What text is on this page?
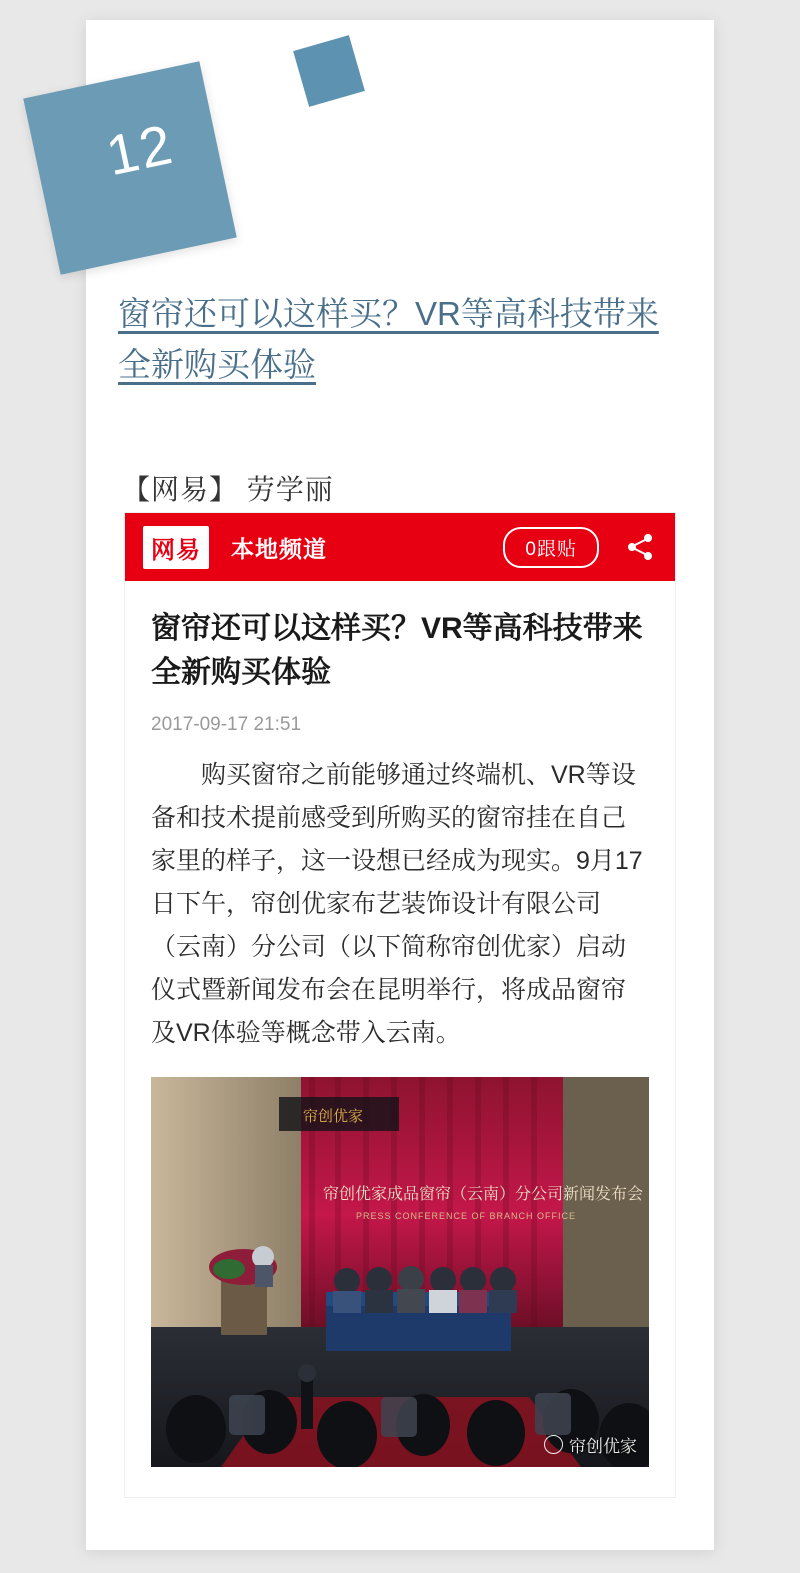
窗帘还可以这样买？VR等高科技带来全新购买体验
【网易】 劳学丽
网易	本地频道	0跟贴
窗帘还可以这样买？VR等高科技带来全新购买体验
2017-09-17 21:51

购买窗帘之前能够通过终端机、VR等设备和技术提前感受到所购买的窗帘挂在自己家里的样子，这一设想已经成为现实。9月17日下午，帘创优家布艺装饰设计有限公司（云南）分公司（以下简称帘创优家）启动仪式暨新闻发布会在昆明举行，将成品窗帘及VR体验等概念带入云南。

帘创优家
帘创优家成品窗帘（云南）分公司新闻发布会
PRESS CONFERENCE OF BRANCH OFFICE
帘创优家
12
